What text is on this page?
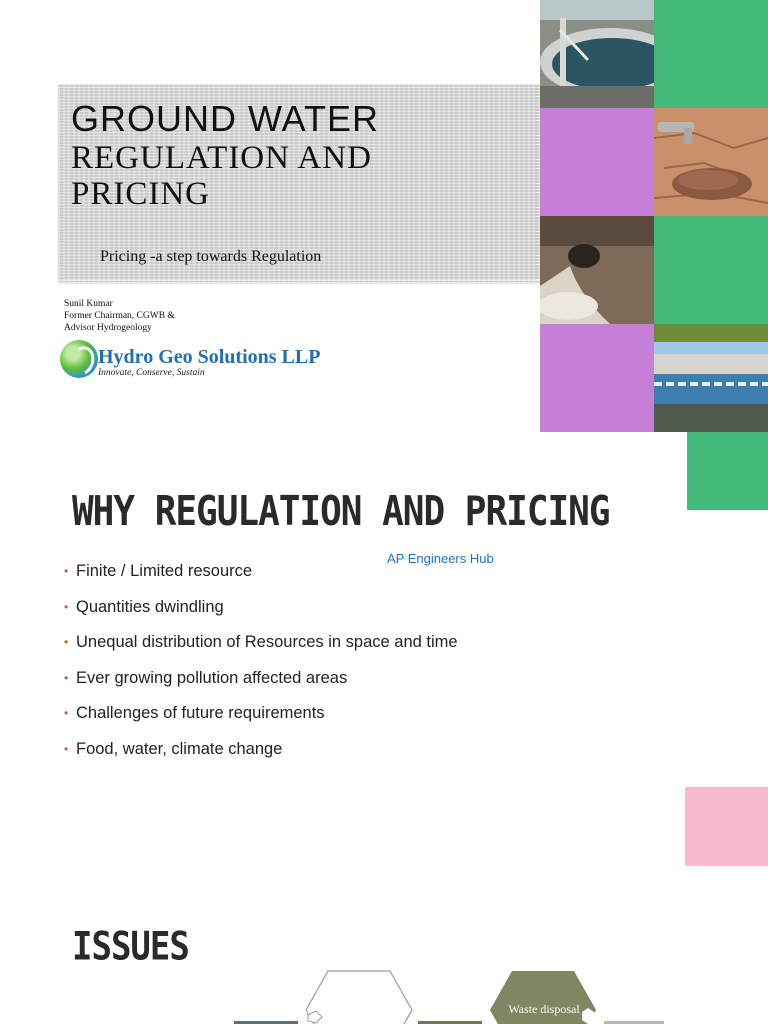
GROUND WATER
REGULATION AND
PRICING

Pricing -a step towards Regulation

Sunil Kumar
Former Chairman, CGWB &
Advisor Hydrogeology

Hydro Geo Solutions LLP

Innovate, Conserve, Sustain

WHY REGULATION AND PRICING

AP Engineers Hub

• Finite / Limited resource
• Quantities dwindling
• Unequal distribution of Resources in space and time
• Ever growing pollution affected areas
• Challenges of future requirements
• Food, water, climate change
ISSUES
Waste disposal
